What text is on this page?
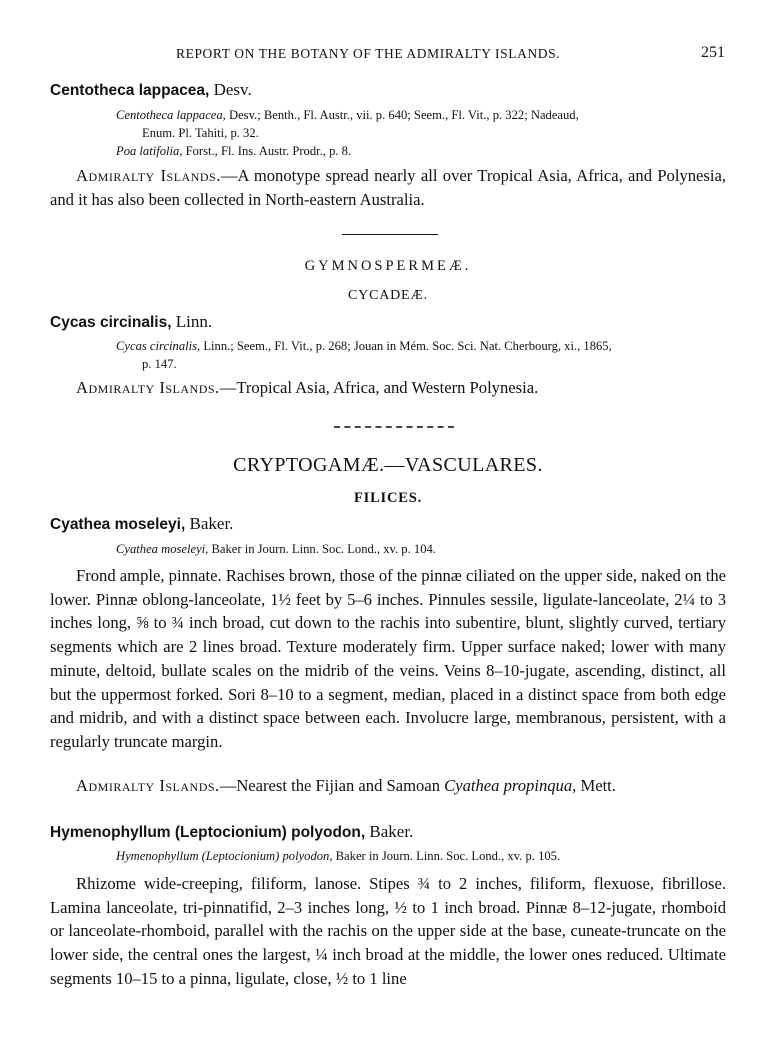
REPORT ON THE BOTANY OF THE ADMIRALTY ISLANDS.	251
Centotheca lappacea, Desv.
Centotheca lappacea, Desv.; Benth., Fl. Austr., vii. p. 640; Seem., Fl. Vit., p. 322; Nadeaud,
Enum. Pl. Tahiti, p. 32.
Poa latifolia, Forst., Fl. Ins. Austr. Prodr., p. 8.
Admiralty Islands.—A monotype spread nearly all over Tropical Asia, Africa, and Polynesia, and it has also been collected in North-eastern Australia.
GYMNOSPERMEÆ.
CYCADEÆ.
Cycas circinalis, Linn.
Cycas circinalis, Linn.; Seem., Fl. Vit., p. 268; Jouan in Mém. Soc. Sci. Nat. Cherbourg, xi., 1865,
p. 147.
Admiralty Islands.—Tropical Asia, Africa, and Western Polynesia.
CRYPTOGAMÆ.—VASCULARES.
FILICES.
Cyathea moseleyi, Baker.
Cyathea moseleyi, Baker in Journ. Linn. Soc. Lond., xv. p. 104.
Frond ample, pinnate. Rachises brown, those of the pinnæ ciliated on the upper side, naked on the lower. Pinnæ oblong-lanceolate, 1½ feet by 5–6 inches. Pinnules sessile, ligulate-lanceolate, 2¼ to 3 inches long, ⅝ to ¾ inch broad, cut down to the rachis into subentire, blunt, slightly curved, tertiary segments which are 2 lines broad. Texture moderately firm. Upper surface naked; lower with many minute, deltoid, bullate scales on the midrib of the veins. Veins 8–10-jugate, ascending, distinct, all but the uppermost forked. Sori 8–10 to a segment, median, placed in a distinct space from both edge and midrib, and with a distinct space between each. Involucre large, membranous, persistent, with a regularly truncate margin.
Admiralty Islands.—Nearest the Fijian and Samoan Cyathea propinqua, Mett.
Hymenophyllum (Leptocionium) polyodon, Baker.
Hymenophyllum (Leptocionium) polyodon, Baker in Journ. Linn. Soc. Lond., xv. p. 105.
Rhizome wide-creeping, filiform, lanose. Stipes ¾ to 2 inches, filiform, flexuose, fibrillose. Lamina lanceolate, tri-pinnatifid, 2–3 inches long, ½ to 1 inch broad. Pinnæ 8–12-jugate, rhomboid or lanceolate-rhomboid, parallel with the rachis on the upper side at the base, cuneate-truncate on the lower side, the central ones the largest, ¼ inch broad at the middle, the lower ones reduced. Ultimate segments 10–15 to a pinna, ligulate, close, ½ to 1 line
